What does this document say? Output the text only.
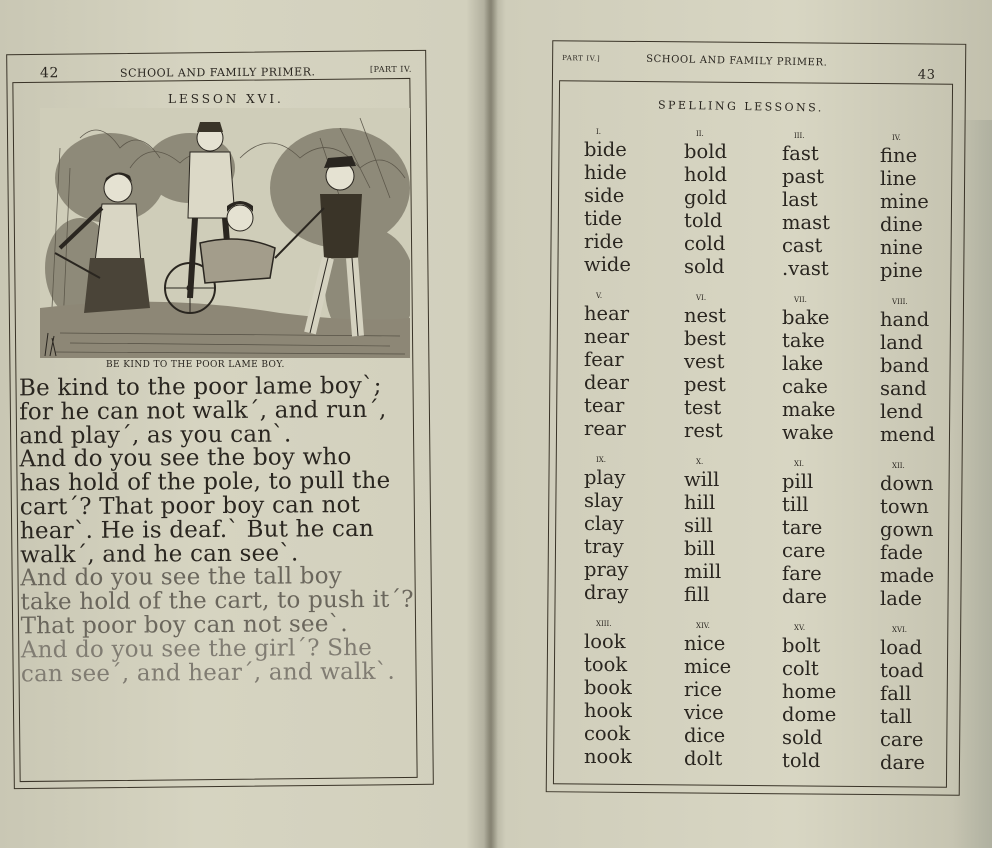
42	SCHOOL AND FAMILY PRIMER.	[PART IV.
LESSON XVI.
BE KIND TO THE POOR LAME BOY.
Be kind to the poor lame boy`;
for he can not walk´, and run´,
and play´, as you can`.
And do you see the boy who
has hold of the pole, to pull the
cart´? That poor boy can not
hear`. He is deaf.` But he can
walk´, and he can see`.
And do you see the tall boy
take hold of the cart, to push it´?
That poor boy can not see`.
And do you see the girl´? She
can see´, and hear´, and walk`.
PART IV.]	SCHOOL AND FAMILY PRIMER.
43
SPELLING LESSONS.
I.
bide
hide
side
tide
ride
wide
II.
bold
hold
gold
told
cold
sold
III.
fast
past
last
mast
cast
.vast
IV.
fine
line
mine
dine
nine
pine
V.
hear
near
fear
dear
tear
rear
VI.
nest
best
vest
pest
test
rest
VII.
bake
take
lake
cake
make
wake
VIII.
hand
land
band
sand
lend
mend
IX.
play
slay
clay
tray
pray
dray
X.
will
hill
sill
bill
mill
fill
XI.
pill
till
tare
care
fare
dare
XII.
down
town
gown
fade
made
lade
XIII.
look
took
book
hook
cook
nook
XIV.
nice
mice
rice
vice
dice
dolt
XV.
bolt
colt
home
dome
sold
told
XVI.
load
toad
fall
tall
care
dare
